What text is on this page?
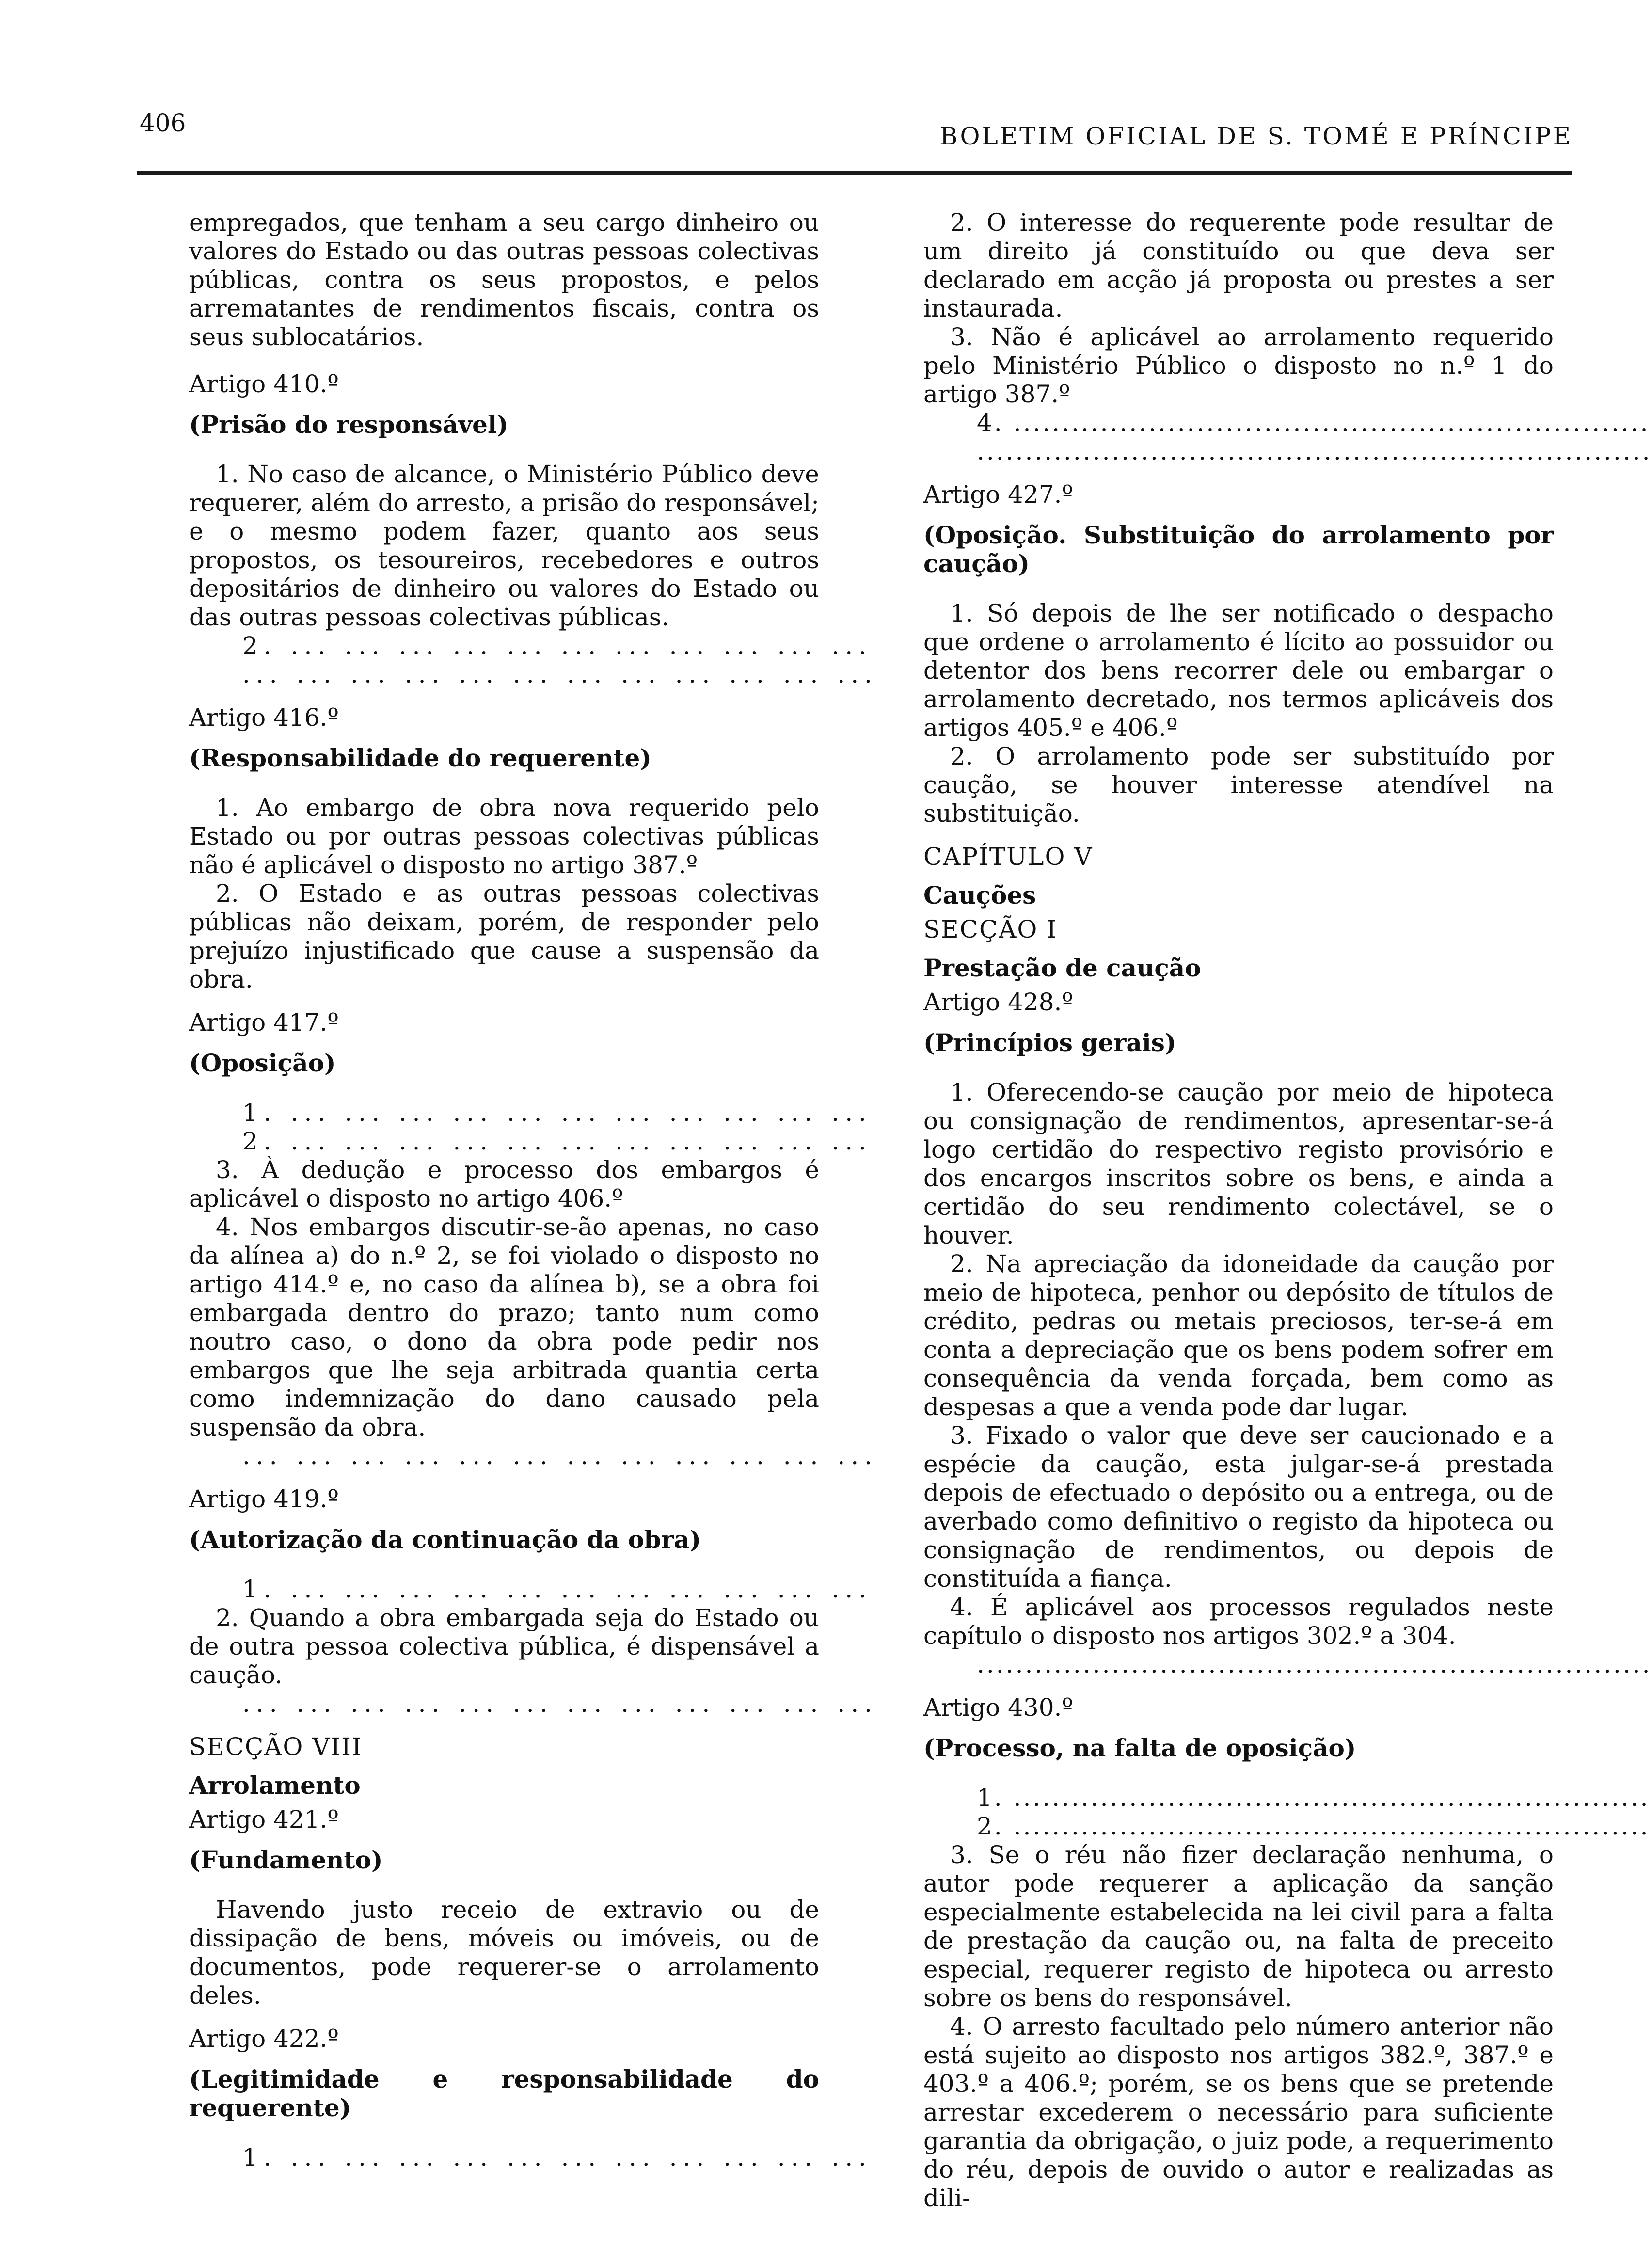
406	BOLETIM OFICIAL DE S. TOMÉ E PRÍNCIPE

empregados, que tenham a seu cargo dinheiro ou valores do Estado ou das outras pessoas colectivas públicas, contra os seus propostos, e pelos arrematantes de rendimentos fiscais, contra os seus sublocatários.

Artigo 410.º

(Prisão do responsável)

1. No caso de alcance, o Ministério Público deve requerer, além do arresto, a prisão do responsável; e o mesmo podem fazer, quanto aos seus propostos, os tesoureiros, recebedores e outros depositários de dinheiro ou valores do Estado ou das outras pessoas colectivas públicas.

2. ... ... ... ... ... ... ... ... ... ... ...

... ... ... ... ... ... ... ... ... ... ... ...

Artigo 416.º

(Responsabilidade do requerente)

1. Ao embargo de obra nova requerido pelo Estado ou por outras pessoas colectivas públicas não é aplicável o disposto no artigo 387.º

2. O Estado e as outras pessoas colectivas públicas não deixam, porém, de responder pelo prejuízo injustificado que cause a suspensão da obra.

Artigo 417.º

(Oposição)

1. ... ... ... ... ... ... ... ... ... ... ...

2. ... ... ... ... ... ... ... ... ... ... ...

3. À dedução e processo dos embargos é aplicável o disposto no artigo 406.º

4. Nos embargos discutir-se-ão apenas, no caso da alínea a) do n.º 2, se foi violado o disposto no artigo 414.º e, no caso da alínea b), se a obra foi embargada dentro do prazo; tanto num como noutro caso, o dono da obra pode pedir nos embargos que lhe seja arbitrada quantia certa como indemnização do dano causado pela suspensão da obra.

... ... ... ... ... ... ... ... ... ... ... ...

Artigo 419.º

(Autorização da continuação da obra)

1. ... ... ... ... ... ... ... ... ... ... ...

2. Quando a obra embargada seja do Estado ou de outra pessoa colectiva pública, é dispensável a caução.

... ... ... ... ... ... ... ... ... ... ... ...

SECÇÃO VIII

Arrolamento

Artigo 421.º

(Fundamento)

Havendo justo receio de extravio ou de dissipação de bens, móveis ou imóveis, ou de documentos, pode requerer-se o arrolamento deles.

Artigo 422.º

(Legitimidade e responsabilidade do requerente)

1. ... ... ... ... ... ... ... ... ... ... ...

2. O interesse do requerente pode resultar de um direito já constituído ou que deva ser declarado em acção já proposta ou prestes a ser instaurada.

3. Não é aplicável ao arrolamento requerido pelo Ministério Público o disposto no n.º 1 do artigo 387.º

4. ..................................................................

......................................................................

Artigo 427.º

(Oposição. Substituição do arrolamento por caução)

1. Só depois de lhe ser notificado o despacho que ordene o arrolamento é lícito ao possuidor ou detentor dos bens recorrer dele ou embargar o arrolamento decretado, nos termos aplicáveis dos artigos 405.º e 406.º

2. O arrolamento pode ser substituído por caução, se houver interesse atendível na substituição.

CAPÍTULO V

Cauções

SECÇÃO I

Prestação de caução

Artigo 428.º

(Princípios gerais)

1. Oferecendo-se caução por meio de hipoteca ou consignação de rendimentos, apresentar-se-á logo certidão do respectivo registo provisório e dos encargos inscritos sobre os bens, e ainda a certidão do seu rendimento colectável, se o houver.

2. Na apreciação da idoneidade da caução por meio de hipoteca, penhor ou depósito de títulos de crédito, pedras ou metais preciosos, ter-se-á em conta a depreciação que os bens podem sofrer em consequência da venda forçada, bem como as despesas a que a venda pode dar lugar.

3. Fixado o valor que deve ser caucionado e a espécie da caução, esta julgar-se-á prestada depois de efectuado o depósito ou a entrega, ou de averbado como definitivo o registo da hipoteca ou consignação de rendimentos, ou depois de constituída a fiança.

4. É aplicável aos processos regulados neste capítulo o disposto nos artigos 302.º a 304.

......................................................................

Artigo 430.º

(Processo, na falta de oposição)

1. ..................................................................

2. ..................................................................

3. Se o réu não fizer declaração nenhuma, o autor pode requerer a aplicação da sanção especialmente estabelecida na lei civil para a falta de prestação da caução ou, na falta de preceito especial, requerer registo de hipoteca ou arresto sobre os bens do responsável.

4. O arresto facultado pelo número anterior não está sujeito ao disposto nos artigos 382.º, 387.º e 403.º a 406.º; porém, se os bens que se pretende arrestar excederem o necessário para suficiente garantia da obrigação, o juiz pode, a requerimento do réu, depois de ouvido o autor e realizadas as dili-
